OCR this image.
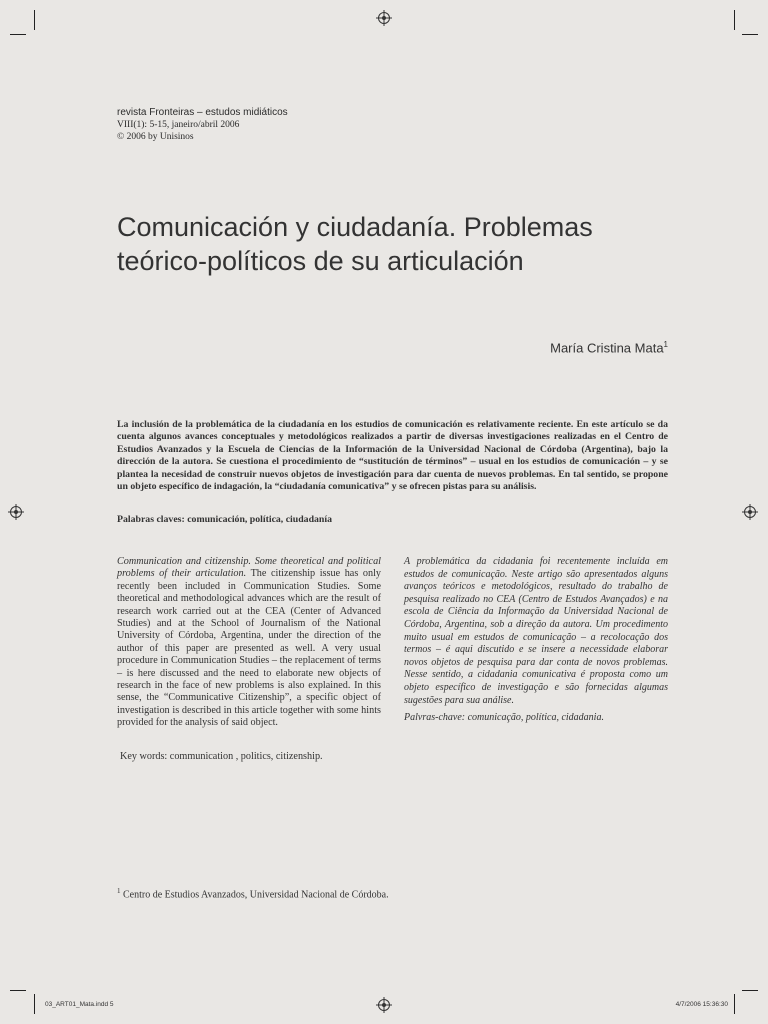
revista Fronteiras – estudos midiáticos
VIII(1): 5-15, janeiro/abril 2006
© 2006 by Unisinos
Comunicación y ciudadanía. Problemas
teórico-políticos de su articulación
María Cristina Mata$^1$

La inclusión de la problemática de la ciudadanía en los estudios de comunicación es relativamente reciente. En este artículo se da cuenta algunos avances conceptuales y metodológicos realizados a partir de diversas investigaciones realizadas en el Centro de Estudios Avanzados y la Escuela de Ciencias de la Información de la Universidad Nacional de Córdoba (Argentina), bajo la dirección de la autora. Se cuestiona el procedimiento de “sustitución de términos” – usual en los estudios de comunicación – y se plantea la necesidad de construir nuevos objetos de investigación para dar cuenta de nuevos problemas. En tal sentido, se propone un objeto específico de indagación, la “ciudadanía comunicativa” y se ofrecen pistas para su análisis.

Palabras claves: comunicación, política, ciudadanía

Communication and citizenship. Some theoretical and political problems of their articulation. The citizenship issue has only recently been included in Communication Studies. Some theoretical and methodological advances which are the result of research work carried out at the CEA (Center of Advanced Studies) and at the School of Journalism of the National University of Córdoba, Argentina, under the direction of the author of this paper are presented as well. A very usual procedure in Communication Studies – the replacement of terms – is here discussed and the need to elaborate new objects of research in the face of new problems is also explained. In this sense, the “Communicative Citizenship”, a specific object of investigation is described in this article together with some hints provided for the analysis of said object.

Key words: communication , politics, citizenship.

A problemática da cidadania foi recentemente incluída em estudos de comunicação. Neste artigo são apresentados alguns avanços teóricos e metodológicos, resultado do trabalho de pesquisa realizado no CEA (Centro de Estudos Avançados) e na escola de Ciência da Informação da Universidad Nacional de Córdoba, Argentina, sob a direção da autora. Um procedimento muito usual em estudos de comunicação – a recolocação dos termos – é aqui discutido e se insere a necessidade elaborar novos objetos de pesquisa para dar conta de novos problemas. Nesse sentido, a cidadania comunicativa é proposta como um objeto específico de investigação e são fornecidas algumas sugestões para sua análise.

Palvras-chave: comunicação, política, cidadania.
$^1$ Centro de Estudios Avanzados, Universidad Nacional de Córdoba.
03_ART01_Mata.indd 5	4/7/2006 15:36:30
